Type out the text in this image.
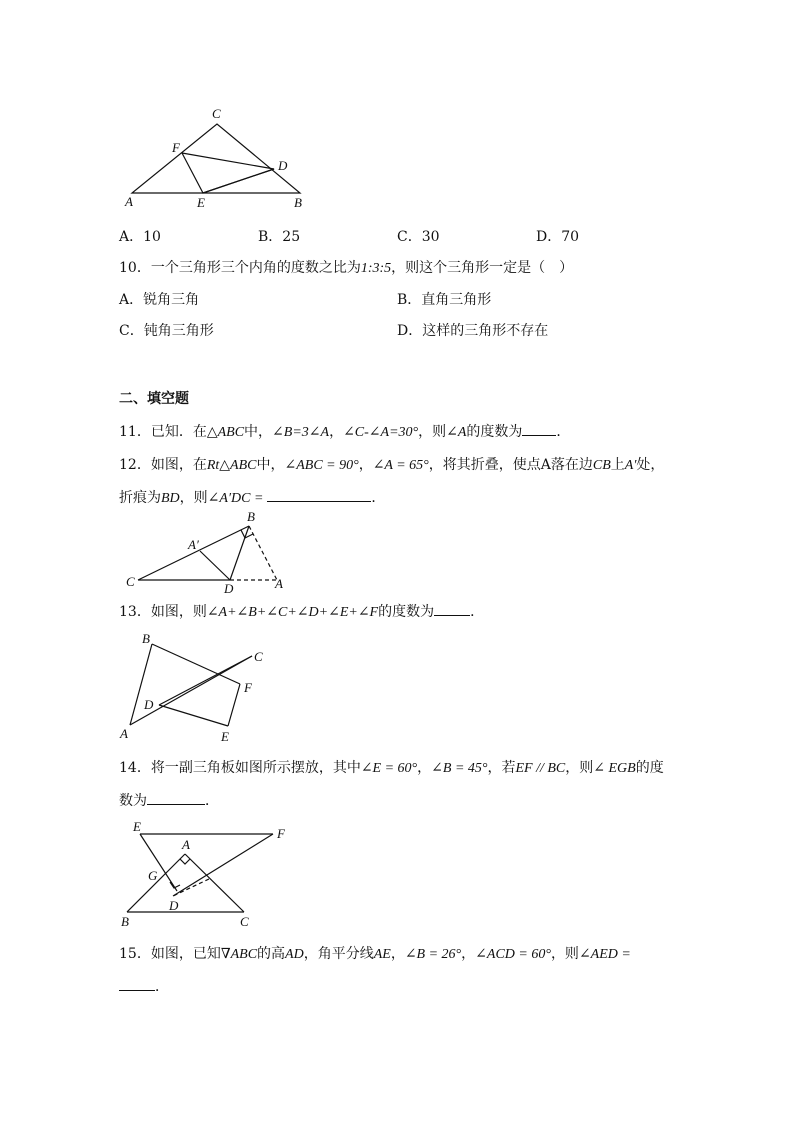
C
F
D
A	E	B
A．10	B．25	C．30	D．70
10．一个三角形三个内角的度数之比为1:3:5，则这个三角形一定是（　）
A．锐角三角	B．直角三角形
C．钝角三角形	D．这样的三角形不存在
二、填空题
11．已知．在△ABC中，∠B=3∠A，∠C-∠A=30°，则∠A的度数为 ．
12．如图，在Rt△ABC中，∠ABC = 90°，∠A = 65°，将其折叠，使点A落在边CB上A′处，
折痕为BD，则∠A′DC =	．
B
A′
C	D	A
13．如图，则∠A+∠B+∠C+∠D+∠E+∠F的度数为	．
B
C
F
D
A	E
14．将一副三角板如图所示摆放，其中∠E = 60°，∠B = 45°，若EF // BC，则∠ EGB的度
数为	．
E	F
A
G
D
B	C
15．如图，已知∇ABC的高AD，角平分线AE，∠B = 26°，∠ACD = 60°，则∠AED =
．
